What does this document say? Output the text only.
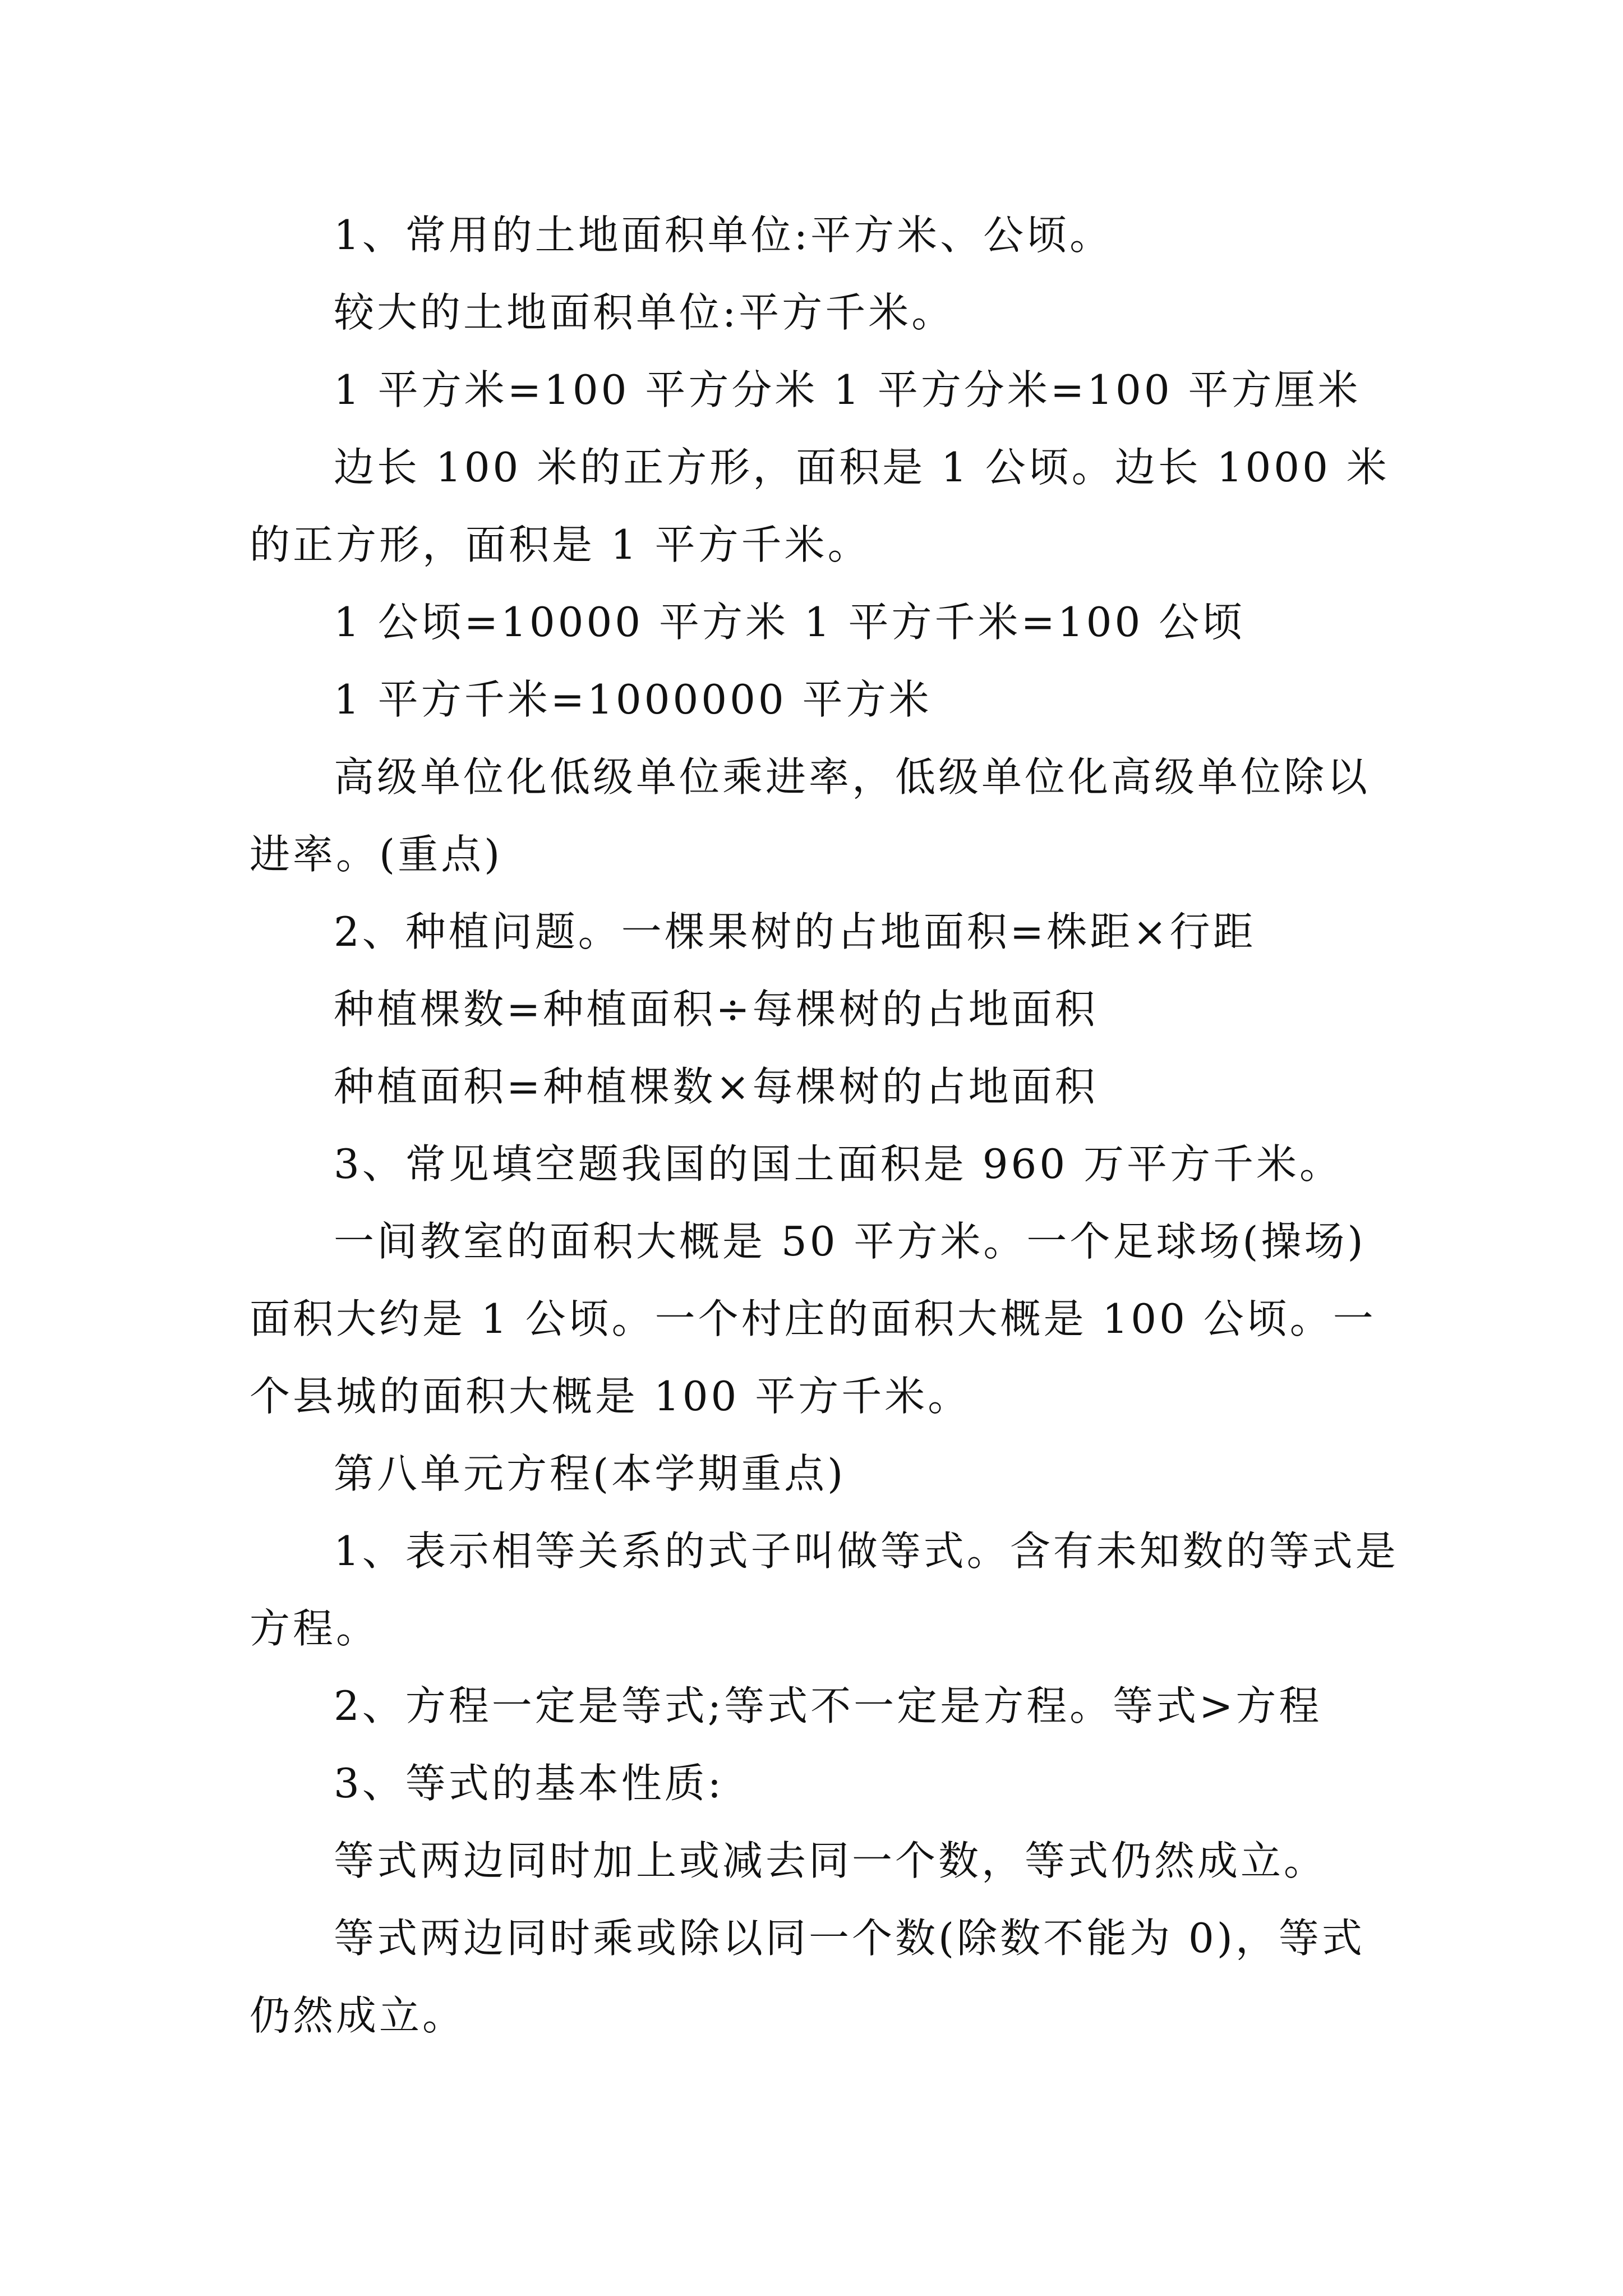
1、常用的土地面积单位:平方米、公顷。

较大的土地面积单位:平方千米。

1 平方米=100 平方分米 1 平方分米=100 平方厘米

边长 100 米的正方形，面积是 1 公顷。边长 1000 米的正方形，面积是 1 平方千米。

1 公顷=10000 平方米 1 平方千米=100 公顷

1 平方千米=1000000 平方米

高级单位化低级单位乘进率，低级单位化高级单位除以进率。(重点)

2、种植问题。一棵果树的占地面积=株距×行距

种植棵数=种植面积÷每棵树的占地面积

种植面积=种植棵数×每棵树的占地面积

3、常见填空题我国的国土面积是 960 万平方千米。

一间教室的面积大概是 50 平方米。一个足球场(操场)面积大约是 1 公顷。一个村庄的面积大概是 100 公顷。一个县城的面积大概是 100 平方千米。

第八单元方程(本学期重点)

1、表示相等关系的式子叫做等式。含有未知数的等式是方程。

2、方程一定是等式;等式不一定是方程。等式>方程

3、等式的基本性质:

等式两边同时加上或减去同一个数，等式仍然成立。

等式两边同时乘或除以同一个数(除数不能为 0)，等式仍然成立。
